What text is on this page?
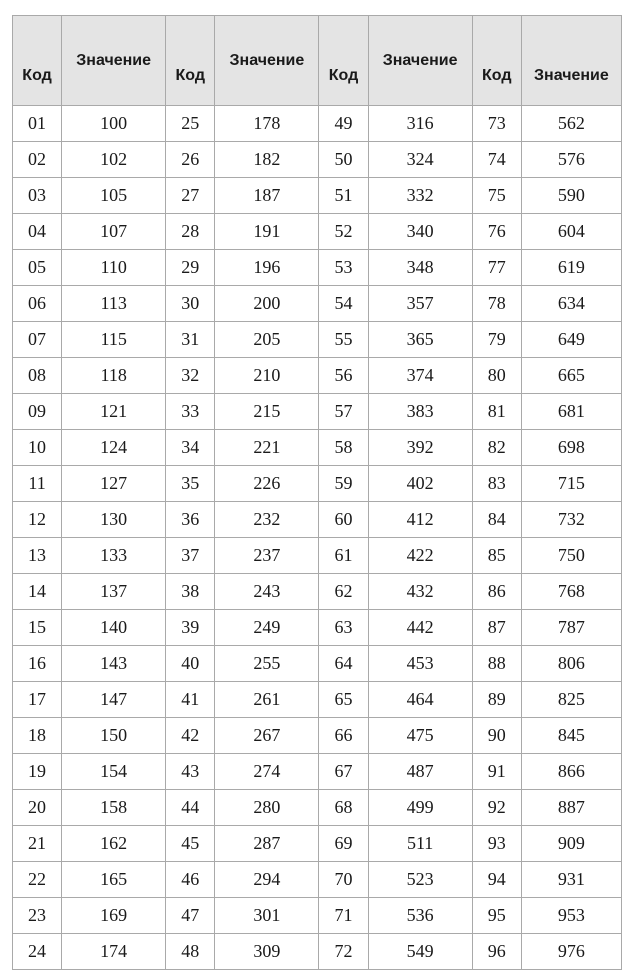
Код	Значение	Код	Значение	Код	Значение	Код	Значение
01	100	25	178	49	316	73	562
02	102	26	182	50	324	74	576
03	105	27	187	51	332	75	590
04	107	28	191	52	340	76	604
05	110	29	196	53	348	77	619
06	113	30	200	54	357	78	634
07	115	31	205	55	365	79	649
08	118	32	210	56	374	80	665
09	121	33	215	57	383	81	681
10	124	34	221	58	392	82	698
11	127	35	226	59	402	83	715
12	130	36	232	60	412	84	732
13	133	37	237	61	422	85	750
14	137	38	243	62	432	86	768
15	140	39	249	63	442	87	787
16	143	40	255	64	453	88	806
17	147	41	261	65	464	89	825
18	150	42	267	66	475	90	845
19	154	43	274	67	487	91	866
20	158	44	280	68	499	92	887
21	162	45	287	69	511	93	909
22	165	46	294	70	523	94	931
23	169	47	301	71	536	95	953
24	174	48	309	72	549	96	976
